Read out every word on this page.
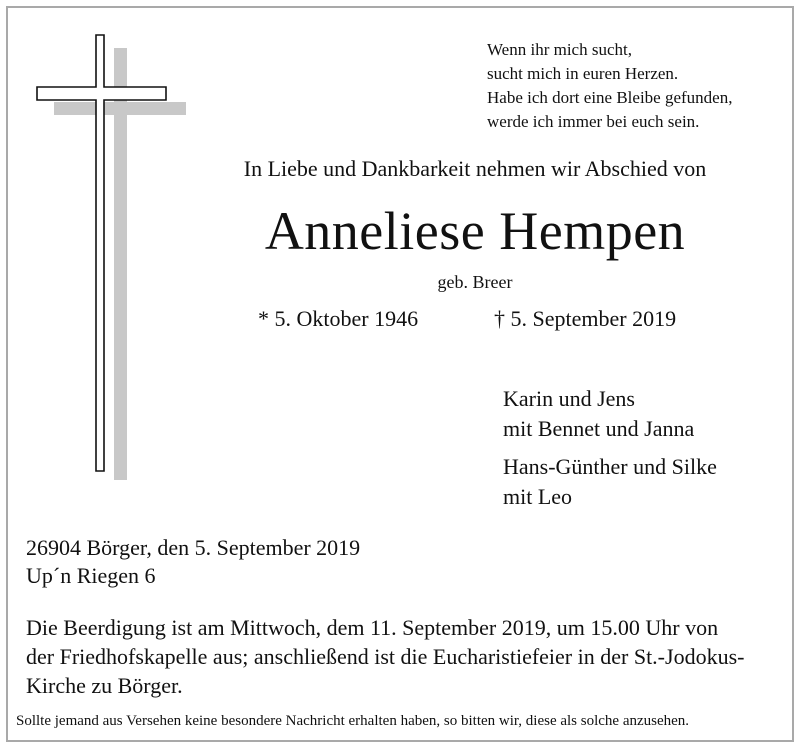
Wenn ihr mich sucht,
sucht mich in euren Herzen.
Habe ich dort eine Bleibe gefunden,
werde ich immer bei euch sein.
In Liebe und Dankbarkeit nehmen wir Abschied von
Anneliese Hempen
geb. Breer
* 5. Oktober 1946	† 5. September 2019
Karin und Jens
mit Bennet und Janna
Hans-Günther und Silke
mit Leo
26904 Börger, den 5. September 2019
Up´n Riegen 6
Die Beerdigung ist am Mittwoch, dem 11. September 2019, um 15.00 Uhr von
der Friedhofskapelle aus; anschließend ist die Eucharistiefeier in der St.-Jodokus-
Kirche zu Börger.
Sollte jemand aus Versehen keine besondere Nachricht erhalten haben, so bitten wir, diese als solche anzusehen.
